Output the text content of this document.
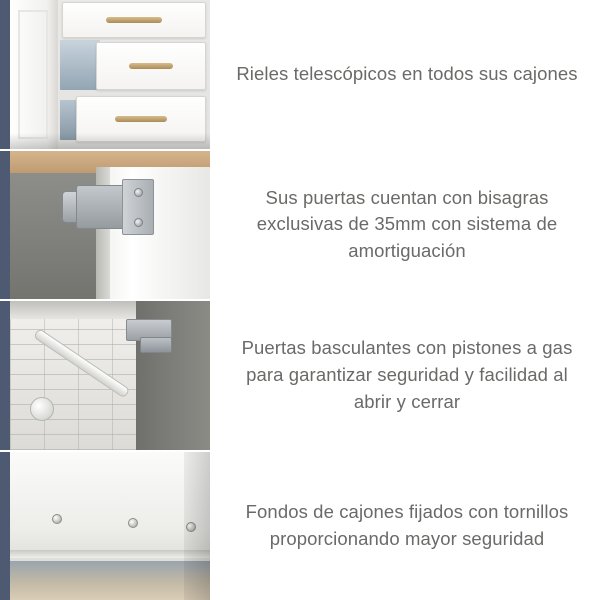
Rieles telescópicos en todos sus cajones
Sus puertas cuentan con bisagras exclusivas de 35mm con sistema de amortiguación
Puertas basculantes con pistones a gas para garantizar seguridad y facilidad al abrir y cerrar
Fondos de cajones fijados con tornillos proporcionando mayor seguridad
